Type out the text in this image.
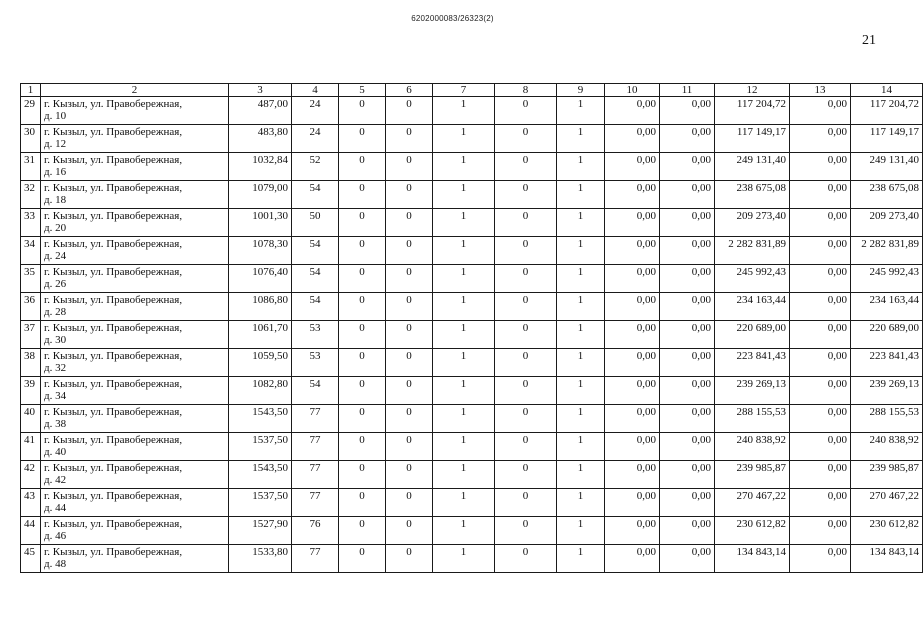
6202000083/26323(2)
21
1	2	3	4	5	6	7	8	9	10	11	12	13	14
29	г. Кызыл, ул. Правобережная,
д. 10	487,00	24	0	0	1	0	1	0,00	0,00	117 204,72	0,00	117 204,72
30	г. Кызыл, ул. Правобережная,
д. 12	483,80	24	0	0	1	0	1	0,00	0,00	117 149,17	0,00	117 149,17
31	г. Кызыл, ул. Правобережная,
д. 16	1032,84	52	0	0	1	0	1	0,00	0,00	249 131,40	0,00	249 131,40
32	г. Кызыл, ул. Правобережная,
д. 18	1079,00	54	0	0	1	0	1	0,00	0,00	238 675,08	0,00	238 675,08
33	г. Кызыл, ул. Правобережная,
д. 20	1001,30	50	0	0	1	0	1	0,00	0,00	209 273,40	0,00	209 273,40
34	г. Кызыл, ул. Правобережная,
д. 24	1078,30	54	0	0	1	0	1	0,00	0,00	2 282 831,89	0,00	2 282 831,89
35	г. Кызыл, ул. Правобережная,
д. 26	1076,40	54	0	0	1	0	1	0,00	0,00	245 992,43	0,00	245 992,43
36	г. Кызыл, ул. Правобережная,
д. 28	1086,80	54	0	0	1	0	1	0,00	0,00	234 163,44	0,00	234 163,44
37	г. Кызыл, ул. Правобережная,
д. 30	1061,70	53	0	0	1	0	1	0,00	0,00	220 689,00	0,00	220 689,00
38	г. Кызыл, ул. Правобережная,
д. 32	1059,50	53	0	0	1	0	1	0,00	0,00	223 841,43	0,00	223 841,43
39	г. Кызыл, ул. Правобережная,
д. 34	1082,80	54	0	0	1	0	1	0,00	0,00	239 269,13	0,00	239 269,13
40	г. Кызыл, ул. Правобережная,
д. 38	1543,50	77	0	0	1	0	1	0,00	0,00	288 155,53	0,00	288 155,53
41	г. Кызыл, ул. Правобережная,
д. 40	1537,50	77	0	0	1	0	1	0,00	0,00	240 838,92	0,00	240 838,92
42	г. Кызыл, ул. Правобережная,
д. 42	1543,50	77	0	0	1	0	1	0,00	0,00	239 985,87	0,00	239 985,87
43	г. Кызыл, ул. Правобережная,
д. 44	1537,50	77	0	0	1	0	1	0,00	0,00	270 467,22	0,00	270 467,22
44	г. Кызыл, ул. Правобережная,
д. 46	1527,90	76	0	0	1	0	1	0,00	0,00	230 612,82	0,00	230 612,82
45	г. Кызыл, ул. Правобережная,
д. 48	1533,80	77	0	0	1	0	1	0,00	0,00	134 843,14	0,00	134 843,14
